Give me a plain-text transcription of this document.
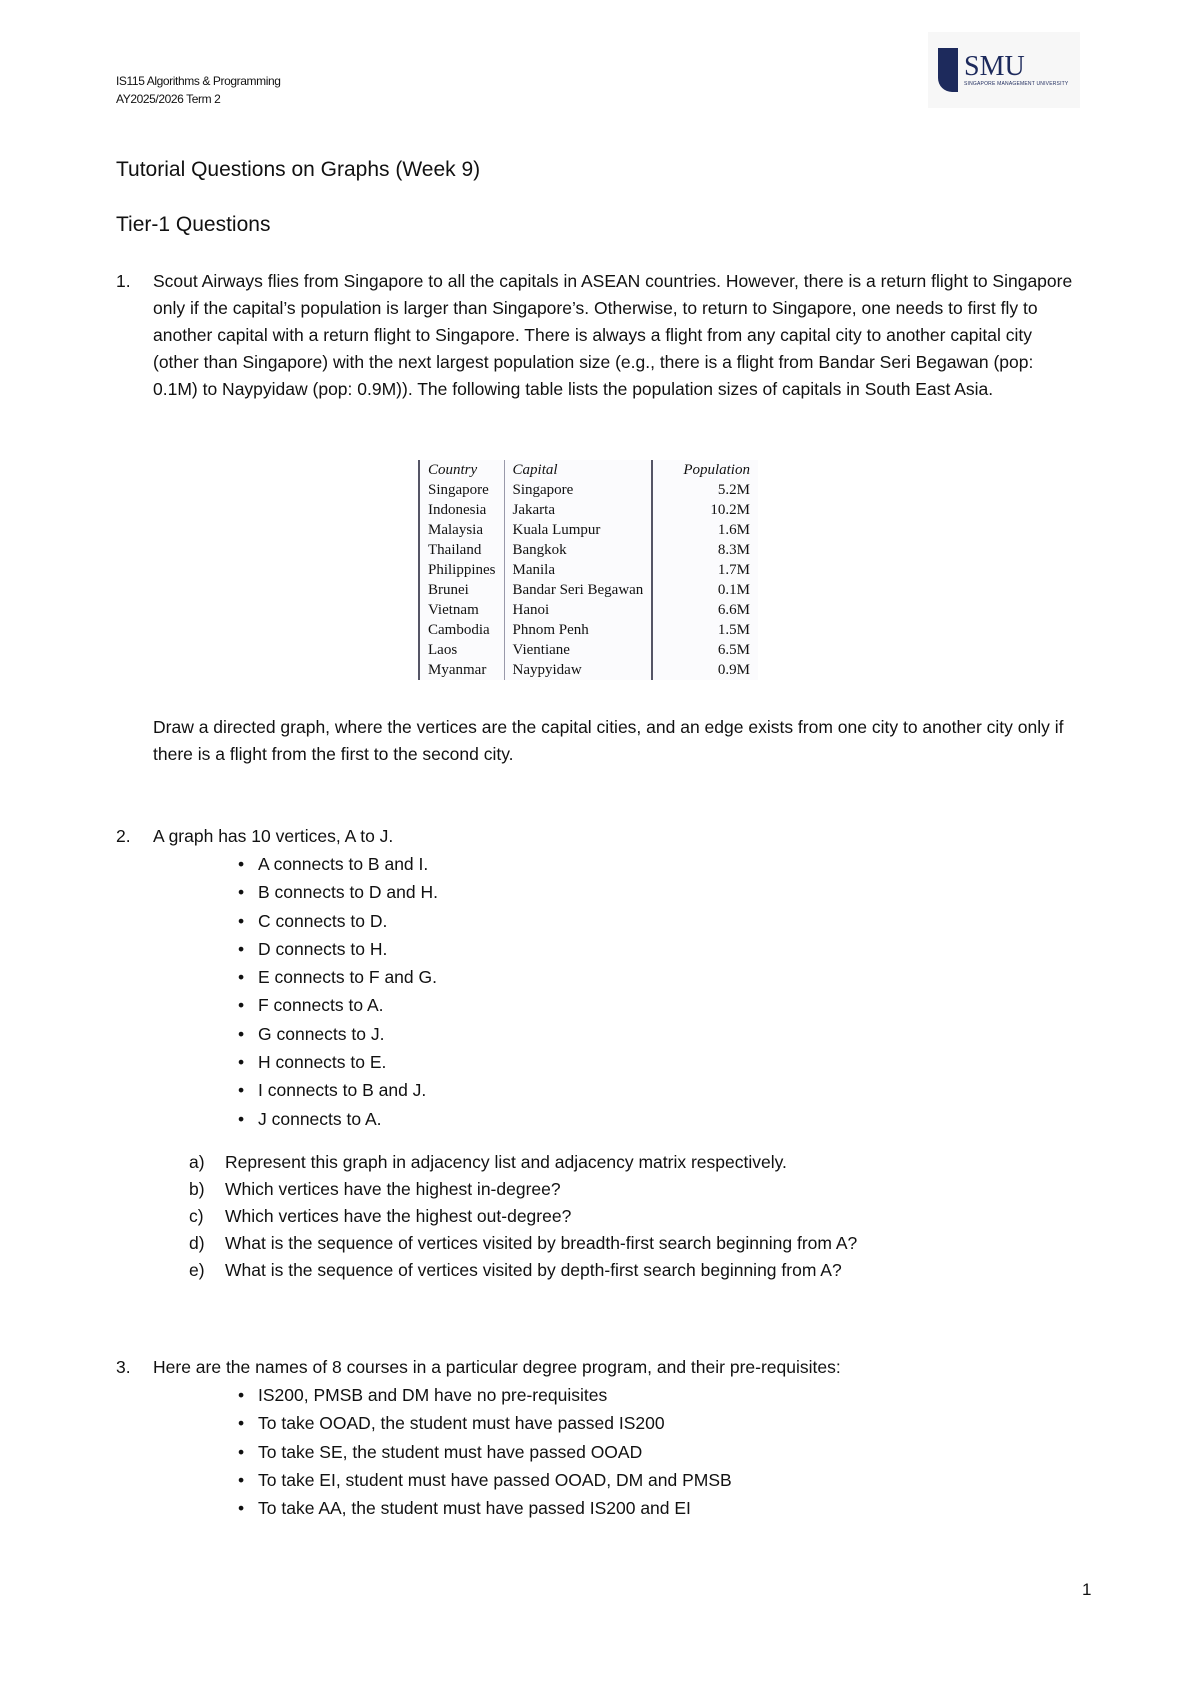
IS115 Algorithms & Programming
AY2025/2026 Term 2
SMU
SINGAPORE MANAGEMENT UNIVERSITY
Tutorial Questions on Graphs (Week 9)
Tier-1 Questions
1. Scout Airways flies from Singapore to all the capitals in ASEAN countries. However, there is a return flight to Singapore only if the capital’s population is larger than Singapore’s. Otherwise, to return to Singapore, one needs to first fly to another capital with a return flight to Singapore. There is always a flight from any capital city to another capital city (other than Singapore) with the next largest population size (e.g., there is a flight from Bandar Seri Begawan (pop: 0.1M) to Naypyidaw (pop: 0.9M)). The following table lists the population sizes of capitals in South East Asia.
Country	Capital	Population
Singapore	Singapore	5.2M
Indonesia	Jakarta	10.2M
Malaysia	Kuala Lumpur	1.6M
Thailand	Bangkok	8.3M
Philippines	Manila	1.7M
Brunei	Bandar Seri Begawan	0.1M
Vietnam	Hanoi	6.6M
Cambodia	Phnom Penh	1.5M
Laos	Vientiane	6.5M
Myanmar	Naypyidaw	0.9M
Draw a directed graph, where the vertices are the capital cities, and an edge exists from one city to another city only if there is a flight from the first to the second city.
2. A graph has 10 vertices, A to J.
• A connects to B and I.
• B connects to D and H.
• C connects to D.
• D connects to H.
• E connects to F and G.
• F connects to A.
• G connects to J.
• H connects to E.
• I connects to B and J.
• J connects to A.
a) Represent this graph in adjacency list and adjacency matrix respectively.
b) Which vertices have the highest in-degree?
c) Which vertices have the highest out-degree?
d) What is the sequence of vertices visited by breadth-first search beginning from A?
e) What is the sequence of vertices visited by depth-first search beginning from A?
3. Here are the names of 8 courses in a particular degree program, and their pre-requisites:
• IS200, PMSB and DM have no pre-requisites
• To take OOAD, the student must have passed IS200
• To take SE, the student must have passed OOAD
• To take EI, student must have passed OOAD, DM and PMSB
• To take AA, the student must have passed IS200 and EI
1
